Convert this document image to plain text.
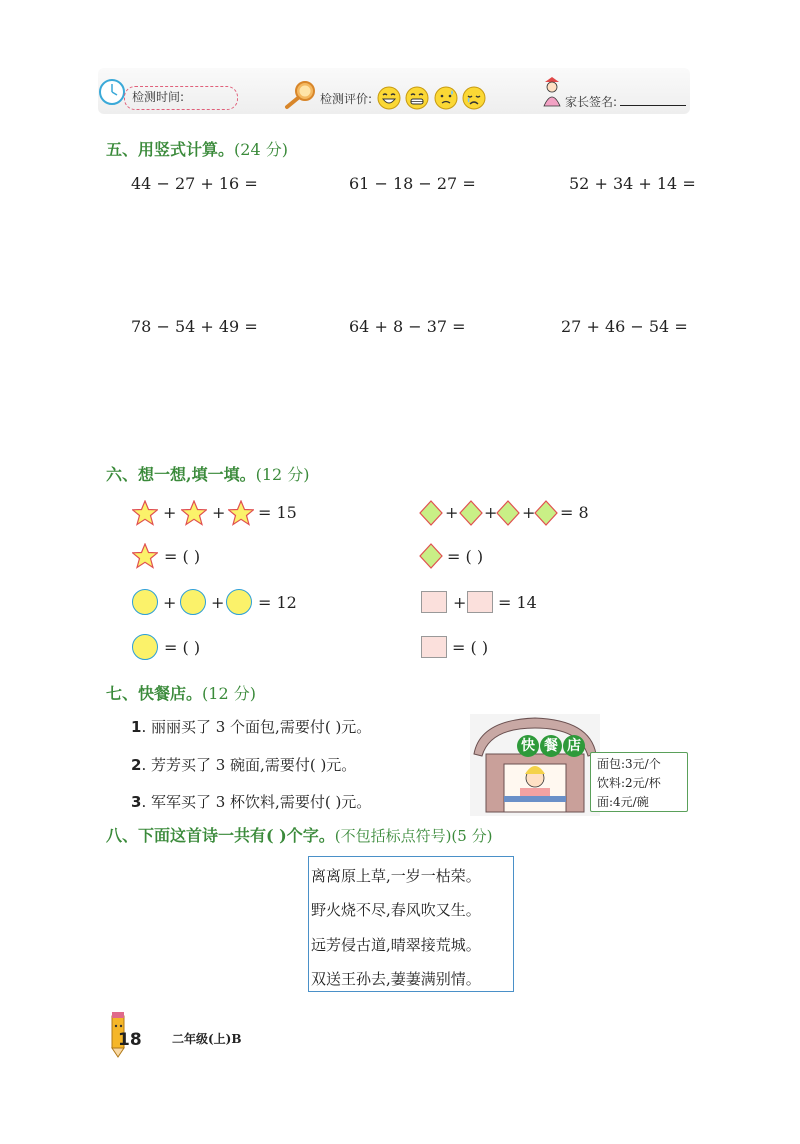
检测时间:	检测评价:	家长签名:
五、用竖式计算。(24 分)
44 − 27 + 16 =	61 − 18 − 27 =	52 + 34 + 14 =
78 − 54 + 49 =	64 + 8 − 37 =	27 + 46 − 54 =
六、想一想,填一填。(12 分)
+ + = 15
= ( )
+ + + = 8
= ( )
+ + = 12
= ( )
+ = 14
= ( )
七、快餐店。(12 分)
1. 丽丽买了 3 个面包,需要付( )元。
2. 芳芳买了 3 碗面,需要付( )元。
3. 军军买了 3 杯饮料,需要付( )元。
快 餐 店
面包:3元/个
饮料:2元/杯
面:4元/碗
八、下面这首诗一共有( )个字。(不包括标点符号)(5 分)
离离原上草,一岁一枯荣。
野火烧不尽,春风吹又生。
远芳侵古道,晴翠接荒城。
双送王孙去,萋萋满别情。
18	二年级(上)B
